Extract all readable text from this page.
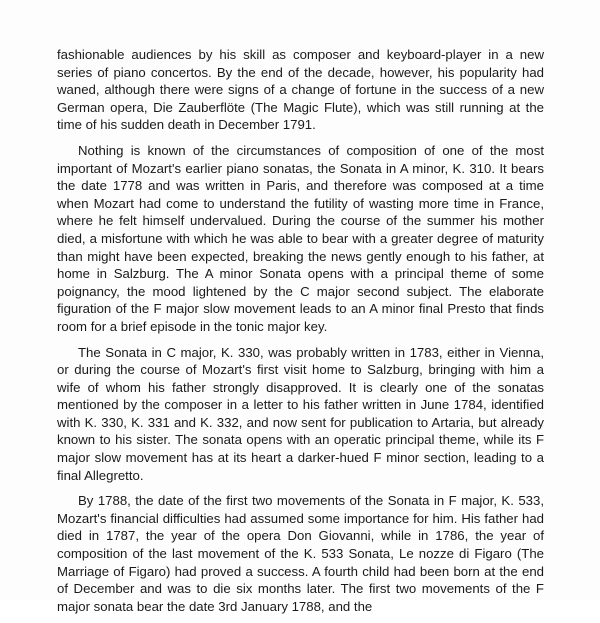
fashionable audiences by his skill as composer and keyboard-player in a new series of piano concertos. By the end of the decade, however, his popularity had waned, although there were signs of a change of fortune in the success of a new German opera, Die Zauberflöte (The Magic Flute), which was still running at the time of his sudden death in December 1791.

Nothing is known of the circumstances of composition of one of the most important of Mozart's earlier piano sonatas, the Sonata in A minor, K. 310. It bears the date 1778 and was written in Paris, and therefore was composed at a time when Mozart had come to understand the futility of wasting more time in France, where he felt himself undervalued. During the course of the summer his mother died, a misfortune with which he was able to bear with a greater degree of maturity than might have been expected, breaking the news gently enough to his father, at home in Salzburg. The A minor Sonata opens with a principal theme of some poignancy, the mood lightened by the C major second subject. The elaborate figuration of the F major slow movement leads to an A minor final Presto that finds room for a brief episode in the tonic major key.

The Sonata in C major, K. 330, was probably written in 1783, either in Vienna, or during the course of Mozart's first visit home to Salzburg, bringing with him a wife of whom his father strongly disapproved. It is clearly one of the sonatas mentioned by the composer in a letter to his father written in June 1784, identified with K. 330, K. 331 and K. 332, and now sent for publication to Artaria, but already known to his sister. The sonata opens with an operatic principal theme, while its F major slow movement has at its heart a darker-hued F minor section, leading to a final Allegretto.

By 1788, the date of the first two movements of the Sonata in F major, K. 533, Mozart's financial difficulties had assumed some importance for him. His father had died in 1787, the year of the opera Don Giovanni, while in 1786, the year of composition of the last movement of the K. 533 Sonata, Le nozze di Figaro (The Marriage of Figaro) had proved a success. A fourth child had been born at the end of December and was to die six months later. The first two movements of the F major sonata bear the date 3rd January 1788, and the
